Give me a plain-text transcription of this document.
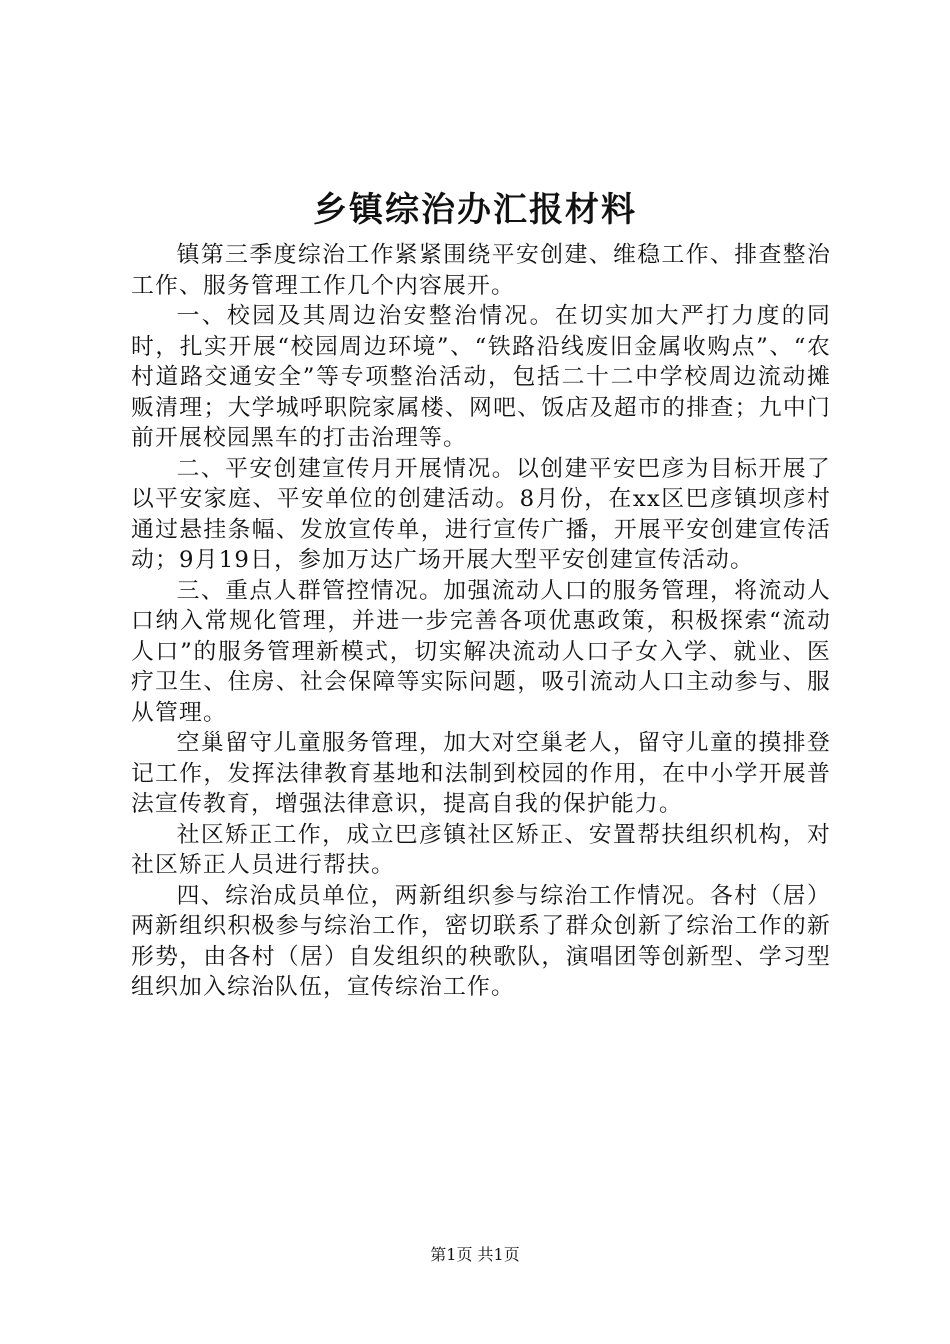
乡镇综治办汇报材料

镇第三季度综治工作紧紧围绕平安创建、维稳工作、排查整治工作、服务管理工作几个内容展开。

一、校园及其周边治安整治情况。在切实加大严打力度的同时，扎实开展“校园周边环境”、“铁路沿线废旧金属收购点”、“农村道路交通安全”等专项整治活动，包括二十二中学校周边流动摊贩清理；大学城呼职院家属楼、网吧、饭店及超市的排查；九中门前开展校园黑车的打击治理等。

二、平安创建宣传月开展情况。以创建平安巴彦为目标开展了以平安家庭、平安单位的创建活动。8月份，在xx区巴彦镇坝彦村通过悬挂条幅、发放宣传单，进行宣传广播，开展平安创建宣传活动；9月19日，参加万达广场开展大型平安创建宣传活动。

三、重点人群管控情况。加强流动人口的服务管理，将流动人口纳入常规化管理，并进一步完善各项优惠政策，积极探索“流动人口”的服务管理新模式，切实解决流动人口子女入学、就业、医疗卫生、住房、社会保障等实际问题，吸引流动人口主动参与、服从管理。

空巢留守儿童服务管理，加大对空巢老人，留守儿童的摸排登记工作，发挥法律教育基地和法制到校园的作用，在中小学开展普法宣传教育，增强法律意识，提高自我的保护能力。

社区矫正工作，成立巴彦镇社区矫正、安置帮扶组织机构，对社区矫正人员进行帮扶。

四、综治成员单位，两新组织参与综治工作情况。各村（居）两新组织积极参与综治工作，密切联系了群众创新了综治工作的新形势，由各村（居）自发组织的秧歌队，演唱团等创新型、学习型组织加入综治队伍，宣传综治工作。

第1页 共1页
